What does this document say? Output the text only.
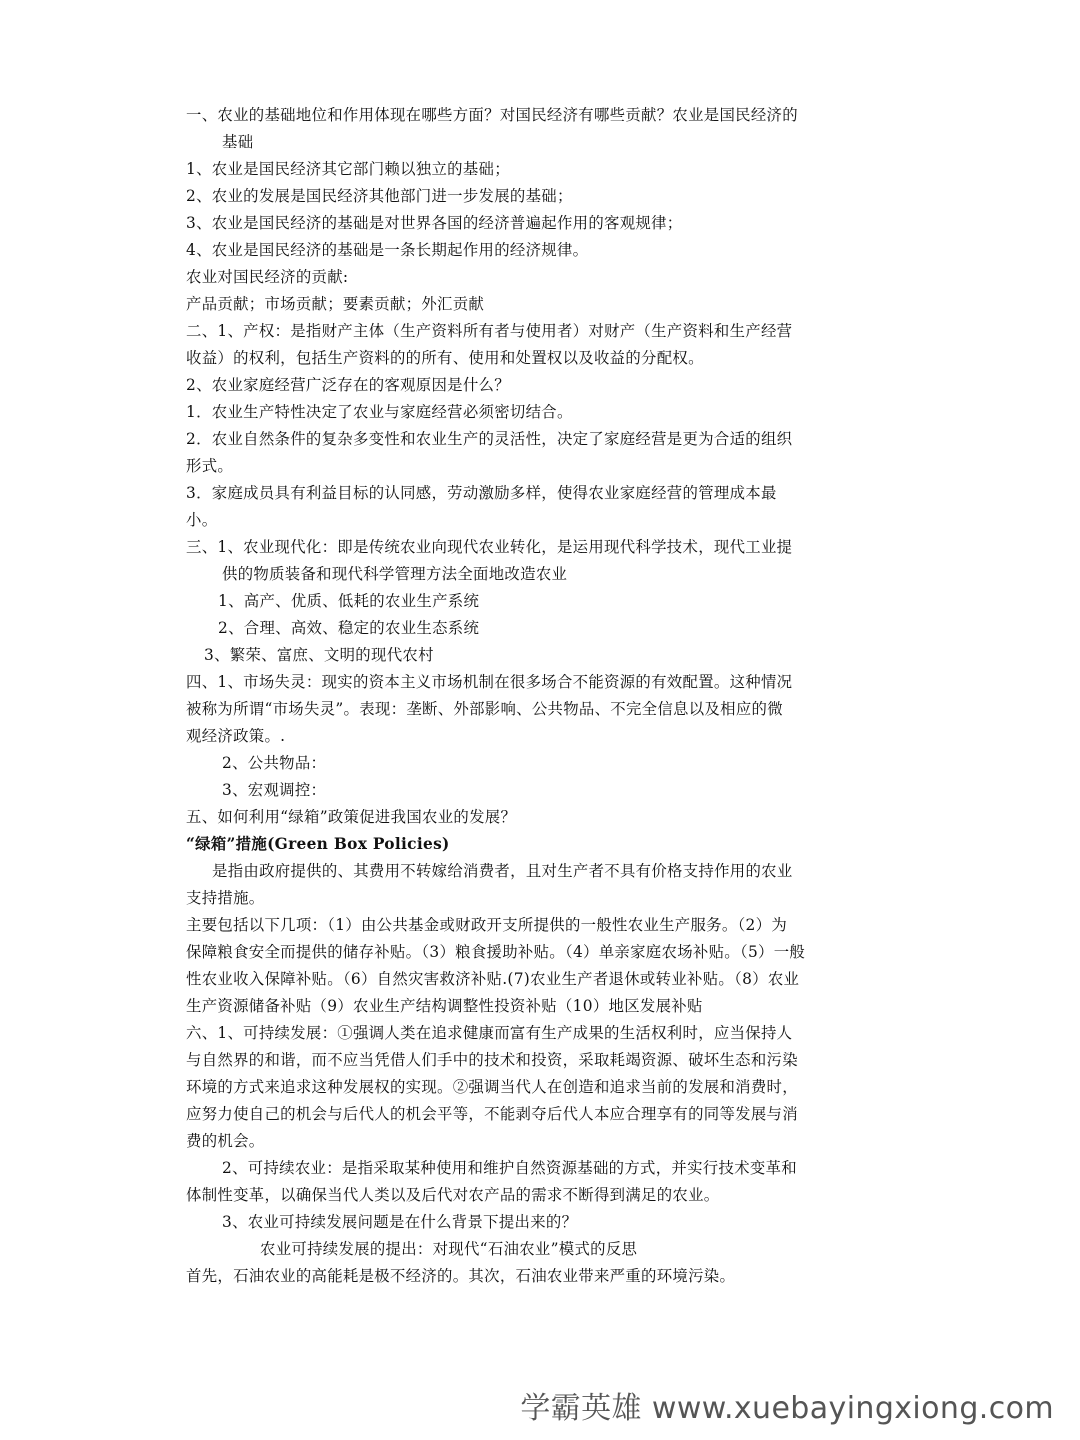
一、农业的基础地位和作用体现在哪些方面？对国民经济有哪些贡献？农业是国民经济的
基础
1、农业是国民经济其它部门赖以独立的基础；
2、农业的发展是国民经济其他部门进一步发展的基础；
3、农业是国民经济的基础是对世界各国的经济普遍起作用的客观规律；
4、农业是国民经济的基础是一条长期起作用的经济规律。
农业对国民经济的贡献:
产品贡献；市场贡献；要素贡献；外汇贡献
二、1、产权：是指财产主体（生产资料所有者与使用者）对财产（生产资料和生产经营
收益）的权利，包括生产资料的的所有、使用和处置权以及收益的分配权。
2、农业家庭经营广泛存在的客观原因是什么？
1．农业生产特性决定了农业与家庭经营必须密切结合。
2．农业自然条件的复杂多变性和农业生产的灵活性，决定了家庭经营是更为合适的组织
形式。
3．家庭成员具有利益目标的认同感，劳动激励多样，使得农业家庭经营的管理成本最
小。
三、1、农业现代化：即是传统农业向现代农业转化，是运用现代科学技术，现代工业提
供的物质装备和现代科学管理方法全面地改造农业
1、高产、优质、低耗的农业生产系统
2、合理、高效、稳定的农业生态系统
3、繁荣、富庶、文明的现代农村
四、1、市场失灵：现实的资本主义市场机制在很多场合不能资源的有效配置。这种情况
被称为所谓“市场失灵”。表现：垄断、外部影响、公共物品、不完全信息以及相应的微
观经济政策。.
2、公共物品：
3、宏观调控：
五、如何利用“绿箱”政策促进我国农业的发展？
“绿箱”措施(Green Box Policies)
是指由政府提供的、其费用不转嫁给消费者，且对生产者不具有价格支持作用的农业
支持措施。
主要包括以下几项：（1）由公共基金或财政开支所提供的一般性农业生产服务。（2）为
保障粮食安全而提供的储存补贴。（3）粮食援助补贴。（4）单亲家庭农场补贴。（5）一般
性农业收入保障补贴。（6）自然灾害救济补贴.(7)农业生产者退休或转业补贴。（8）农业
生产资源储备补贴（9）农业生产结构调整性投资补贴（10）地区发展补贴
六、1、可持续发展：①强调人类在追求健康而富有生产成果的生活权利时，应当保持人
与自然界的和谐，而不应当凭借人们手中的技术和投资，采取耗竭资源、破坏生态和污染
环境的方式来追求这种发展权的实现。②强调当代人在创造和追求当前的发展和消费时，
应努力使自己的机会与后代人的机会平等，不能剥夺后代人本应合理享有的同等发展与消
费的机会。
2、可持续农业：是指采取某种使用和维护自然资源基础的方式，并实行技术变革和
体制性变革，以确保当代人类以及后代对农产品的需求不断得到满足的农业。
3、农业可持续发展问题是在什么背景下提出来的？
农业可持续发展的提出：对现代“石油农业”模式的反思
首先，石油农业的高能耗是极不经济的。其次，石油农业带来严重的环境污染。
学霸英雄 www.xuebayingxiong.com
